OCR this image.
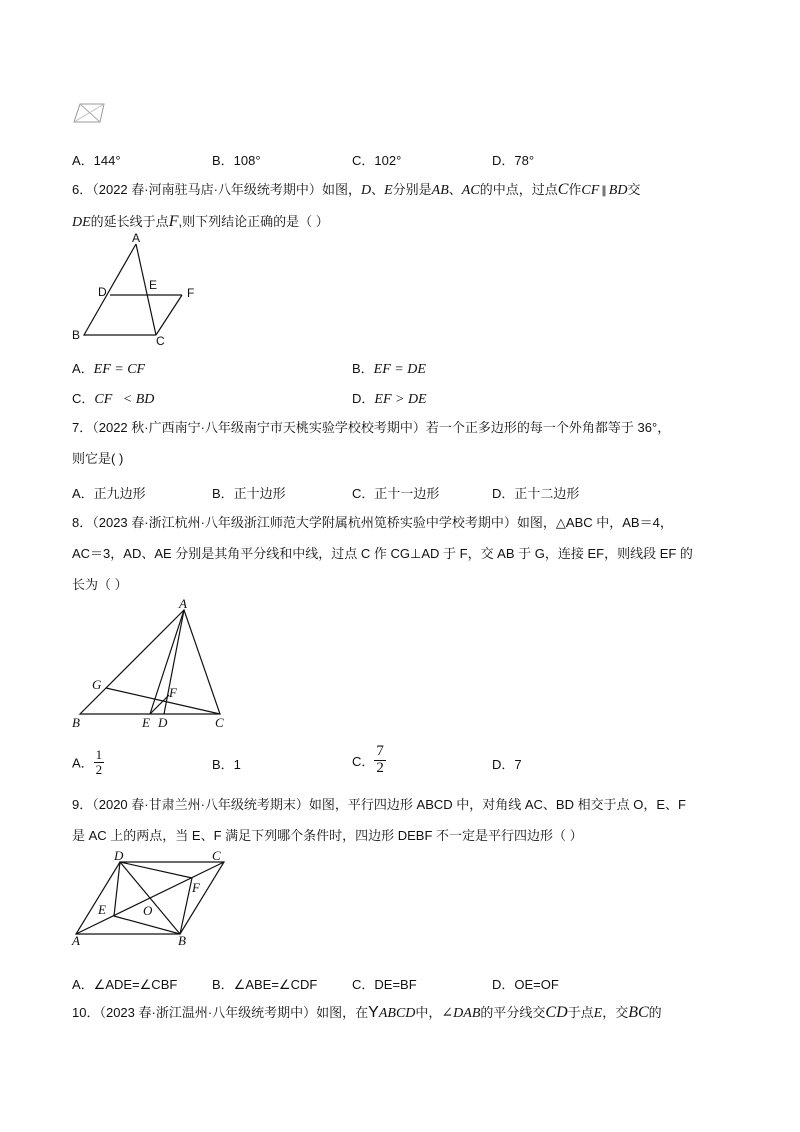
A．144°	B．108°	C．102°	D．78°
6．（2022 春·河南驻马店·八年级统考期中）如图，D、E分别是AB、AC的中点，过点C作CF ∥ BD交
DE的延长线于点F,则下列结论正确的是（ ）
A
D	E
F
B	C
A．EF = CF	B．EF = DE
C．CF   < BD	D．EF > DE
7．（2022 秋·广西南宁·八年级南宁市天桃实验学校校考期中）若一个正多边形的每一个外角都等于 36°，
则它是( )
A．正九边形	B．正十边形	C．正十一边形	D．正十二边形
8．（2023 春·浙江杭州·八年级浙江师范大学附属杭州笕桥实验中学校考期中）如图，△ABC 中，AB＝4，
AC＝3，AD、AE 分别是其角平分线和中线，过点 C 作 CG⊥AD 于 F，交 AB 于 G，连接 EF，则线段 EF 的
长为（ ）
A
G
F
B	E D	C
A． $\frac{1}{2}$	B．1	C． $\frac{7}{2}$	D．7
9．（2020 春·甘肃兰州·八年级统考期末）如图，平行四边形 ABCD 中，对角线 AC、BD 相交于点 O，E、F
是 AC 上的两点，当 E、F 满足下列哪个条件时，四边形 DEBF 不一定是平行四边形（ ）
D	C
F
E	O
A	B
A．∠ADE=∠CBF	B．∠ABE=∠CDF	C．DE=BF	D．OE=OF
10．（2023 春·浙江温州·八年级统考期中）如图，在YABCD中，∠DAB的平分线交CD于点E，交BC的
